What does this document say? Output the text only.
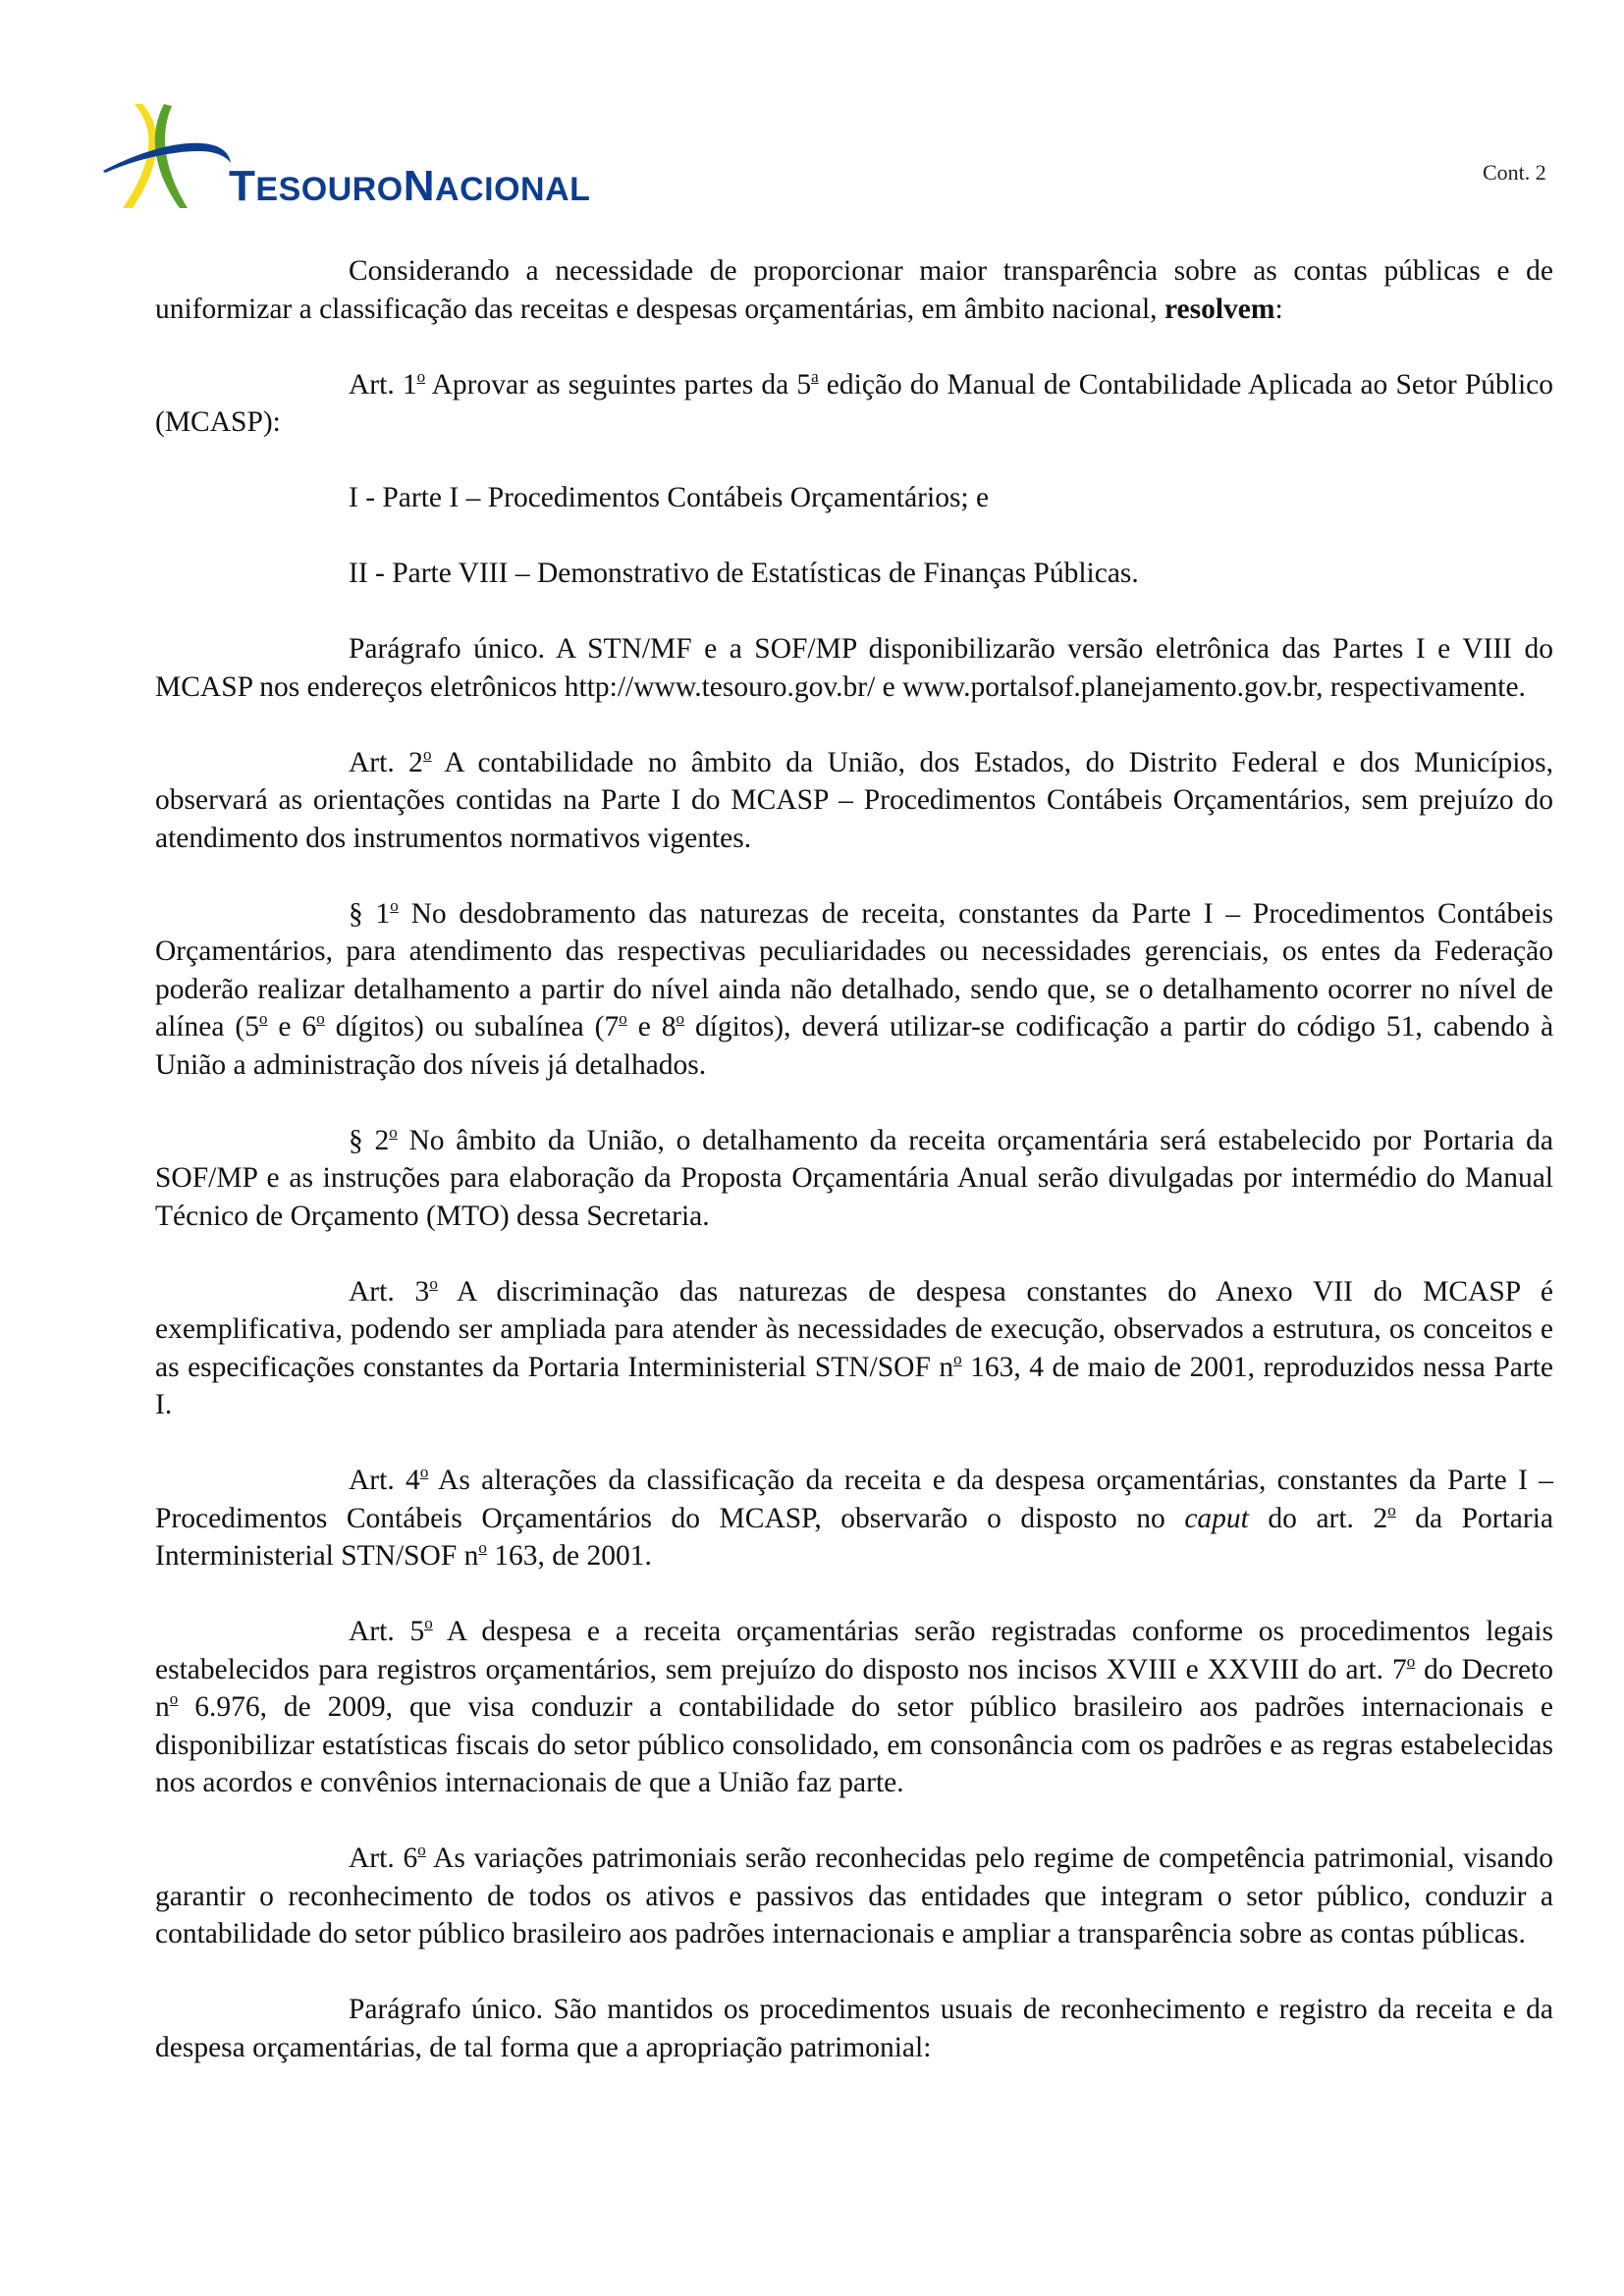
TESOURONACIONAL	Cont. 2

Considerando a necessidade de proporcionar maior transparência sobre as contas públicas e de uniformizar a classificação das receitas e despesas orçamentárias, em âmbito nacional, resolvem:

Art. 1$^o$ Aprovar as seguintes partes da 5$^a$ edição do Manual de Contabilidade Aplicada ao Setor Público (MCASP):

I - Parte I – Procedimentos Contábeis Orçamentários; e

II - Parte VIII – Demonstrativo de Estatísticas de Finanças Públicas.

Parágrafo único. A STN/MF e a SOF/MP disponibilizarão versão eletrônica das Partes I e VIII do MCASP nos endereços eletrônicos http://www.tesouro.gov.br/ e www.portalsof.planejamento.gov.br, respectivamente.

Art. 2$^o$ A contabilidade no âmbito da União, dos Estados, do Distrito Federal e dos Municípios, observará as orientações contidas na Parte I do MCASP – Procedimentos Contábeis Orçamentários, sem prejuízo do atendimento dos instrumentos normativos vigentes.

§ 1$^o$ No desdobramento das naturezas de receita, constantes da Parte I – Procedimentos Contábeis Orçamentários, para atendimento das respectivas peculiaridades ou necessidades gerenciais, os entes da Federação poderão realizar detalhamento a partir do nível ainda não detalhado, sendo que, se o detalhamento ocorrer no nível de alínea (5$^o$ e 6$^o$ dígitos) ou subalínea (7$^o$ e 8$^o$ dígitos), deverá utilizar-se codificação a partir do código 51, cabendo à União a administração dos níveis já detalhados.

§ 2$^o$ No âmbito da União, o detalhamento da receita orçamentária será estabelecido por Portaria da SOF/MP e as instruções para elaboração da Proposta Orçamentária Anual serão divulgadas por intermédio do Manual Técnico de Orçamento (MTO) dessa Secretaria.

Art. 3$^o$ A discriminação das naturezas de despesa constantes do Anexo VII do MCASP é exemplificativa, podendo ser ampliada para atender às necessidades de execução, observados a estrutura, os conceitos e as especificações constantes da Portaria Interministerial STN/SOF $n^o$ 163, 4 de maio de 2001, reproduzidos nessa Parte I.

Art. 4$^o$ As alterações da classificação da receita e da despesa orçamentárias, constantes da Parte I – Procedimentos Contábeis Orçamentários do MCASP, observarão o disposto no caput do art. 2$^o$ da Portaria Interministerial STN/SOF $n^o$ 163, de 2001.

Art. 5$^o$ A despesa e a receita orçamentárias serão registradas conforme os procedimentos legais estabelecidos para registros orçamentários, sem prejuízo do disposto nos incisos XVIII e XXVIII do art. 7$^o$ do Decreto $n^o$ 6.976, de 2009, que visa conduzir a contabilidade do setor público brasileiro aos padrões internacionais e disponibilizar estatísticas fiscais do setor público consolidado, em consonância com os padrões e as regras estabelecidas nos acordos e convênios internacionais de que a União faz parte.

Art. 6$^o$ As variações patrimoniais serão reconhecidas pelo regime de competência patrimonial, visando garantir o reconhecimento de todos os ativos e passivos das entidades que integram o setor público, conduzir a contabilidade do setor público brasileiro aos padrões internacionais e ampliar a transparência sobre as contas públicas.

Parágrafo único. São mantidos os procedimentos usuais de reconhecimento e registro da receita e da despesa orçamentárias, de tal forma que a apropriação patrimonial:
